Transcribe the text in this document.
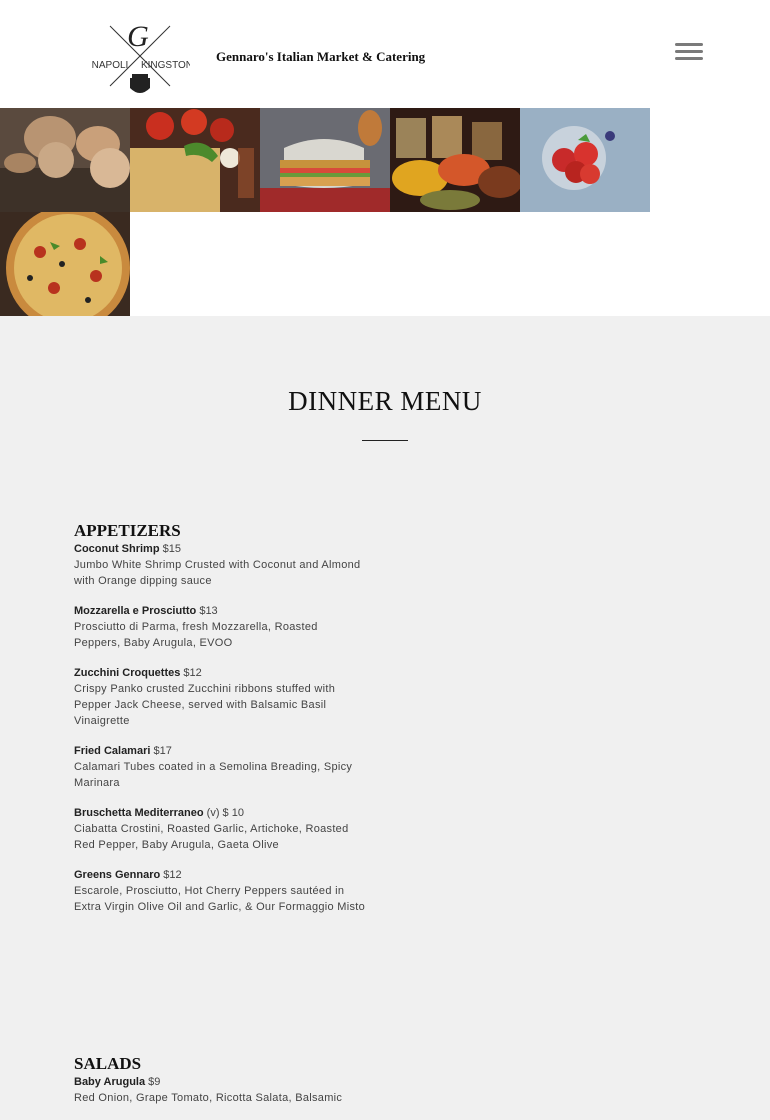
G
NAPOLI KINGSTON
Gennaro's Italian Market & Catering
DINNER MENU
APPETIZERS
Coconut Shrimp $15
Jumbo White Shrimp Crusted with Coconut and Almond with Orange dipping sauce
Mozzarella e Prosciutto $13
Prosciutto di Parma, fresh Mozzarella, Roasted Peppers, Baby Arugula, EVOO
Zucchini Croquettes $12
Crispy Panko crusted Zucchini ribbons stuffed with Pepper Jack Cheese, served with Balsamic Basil Vinaigrette
Fried Calamari $17
Calamari Tubes coated in a Semolina Breading, Spicy Marinara
Bruschetta Mediterraneo (v) $ 10
Ciabatta Crostini, Roasted Garlic, Artichoke, Roasted Red Pepper, Baby Arugula, Gaeta Olive
Greens Gennaro $12
Escarole, Prosciutto, Hot Cherry Peppers sautéed in Extra Virgin Olive Oil and Garlic, & Our Formaggio Misto
SALADS
Baby Arugula $9
Red Onion, Grape Tomato, Ricotta Salata, Balsamic
